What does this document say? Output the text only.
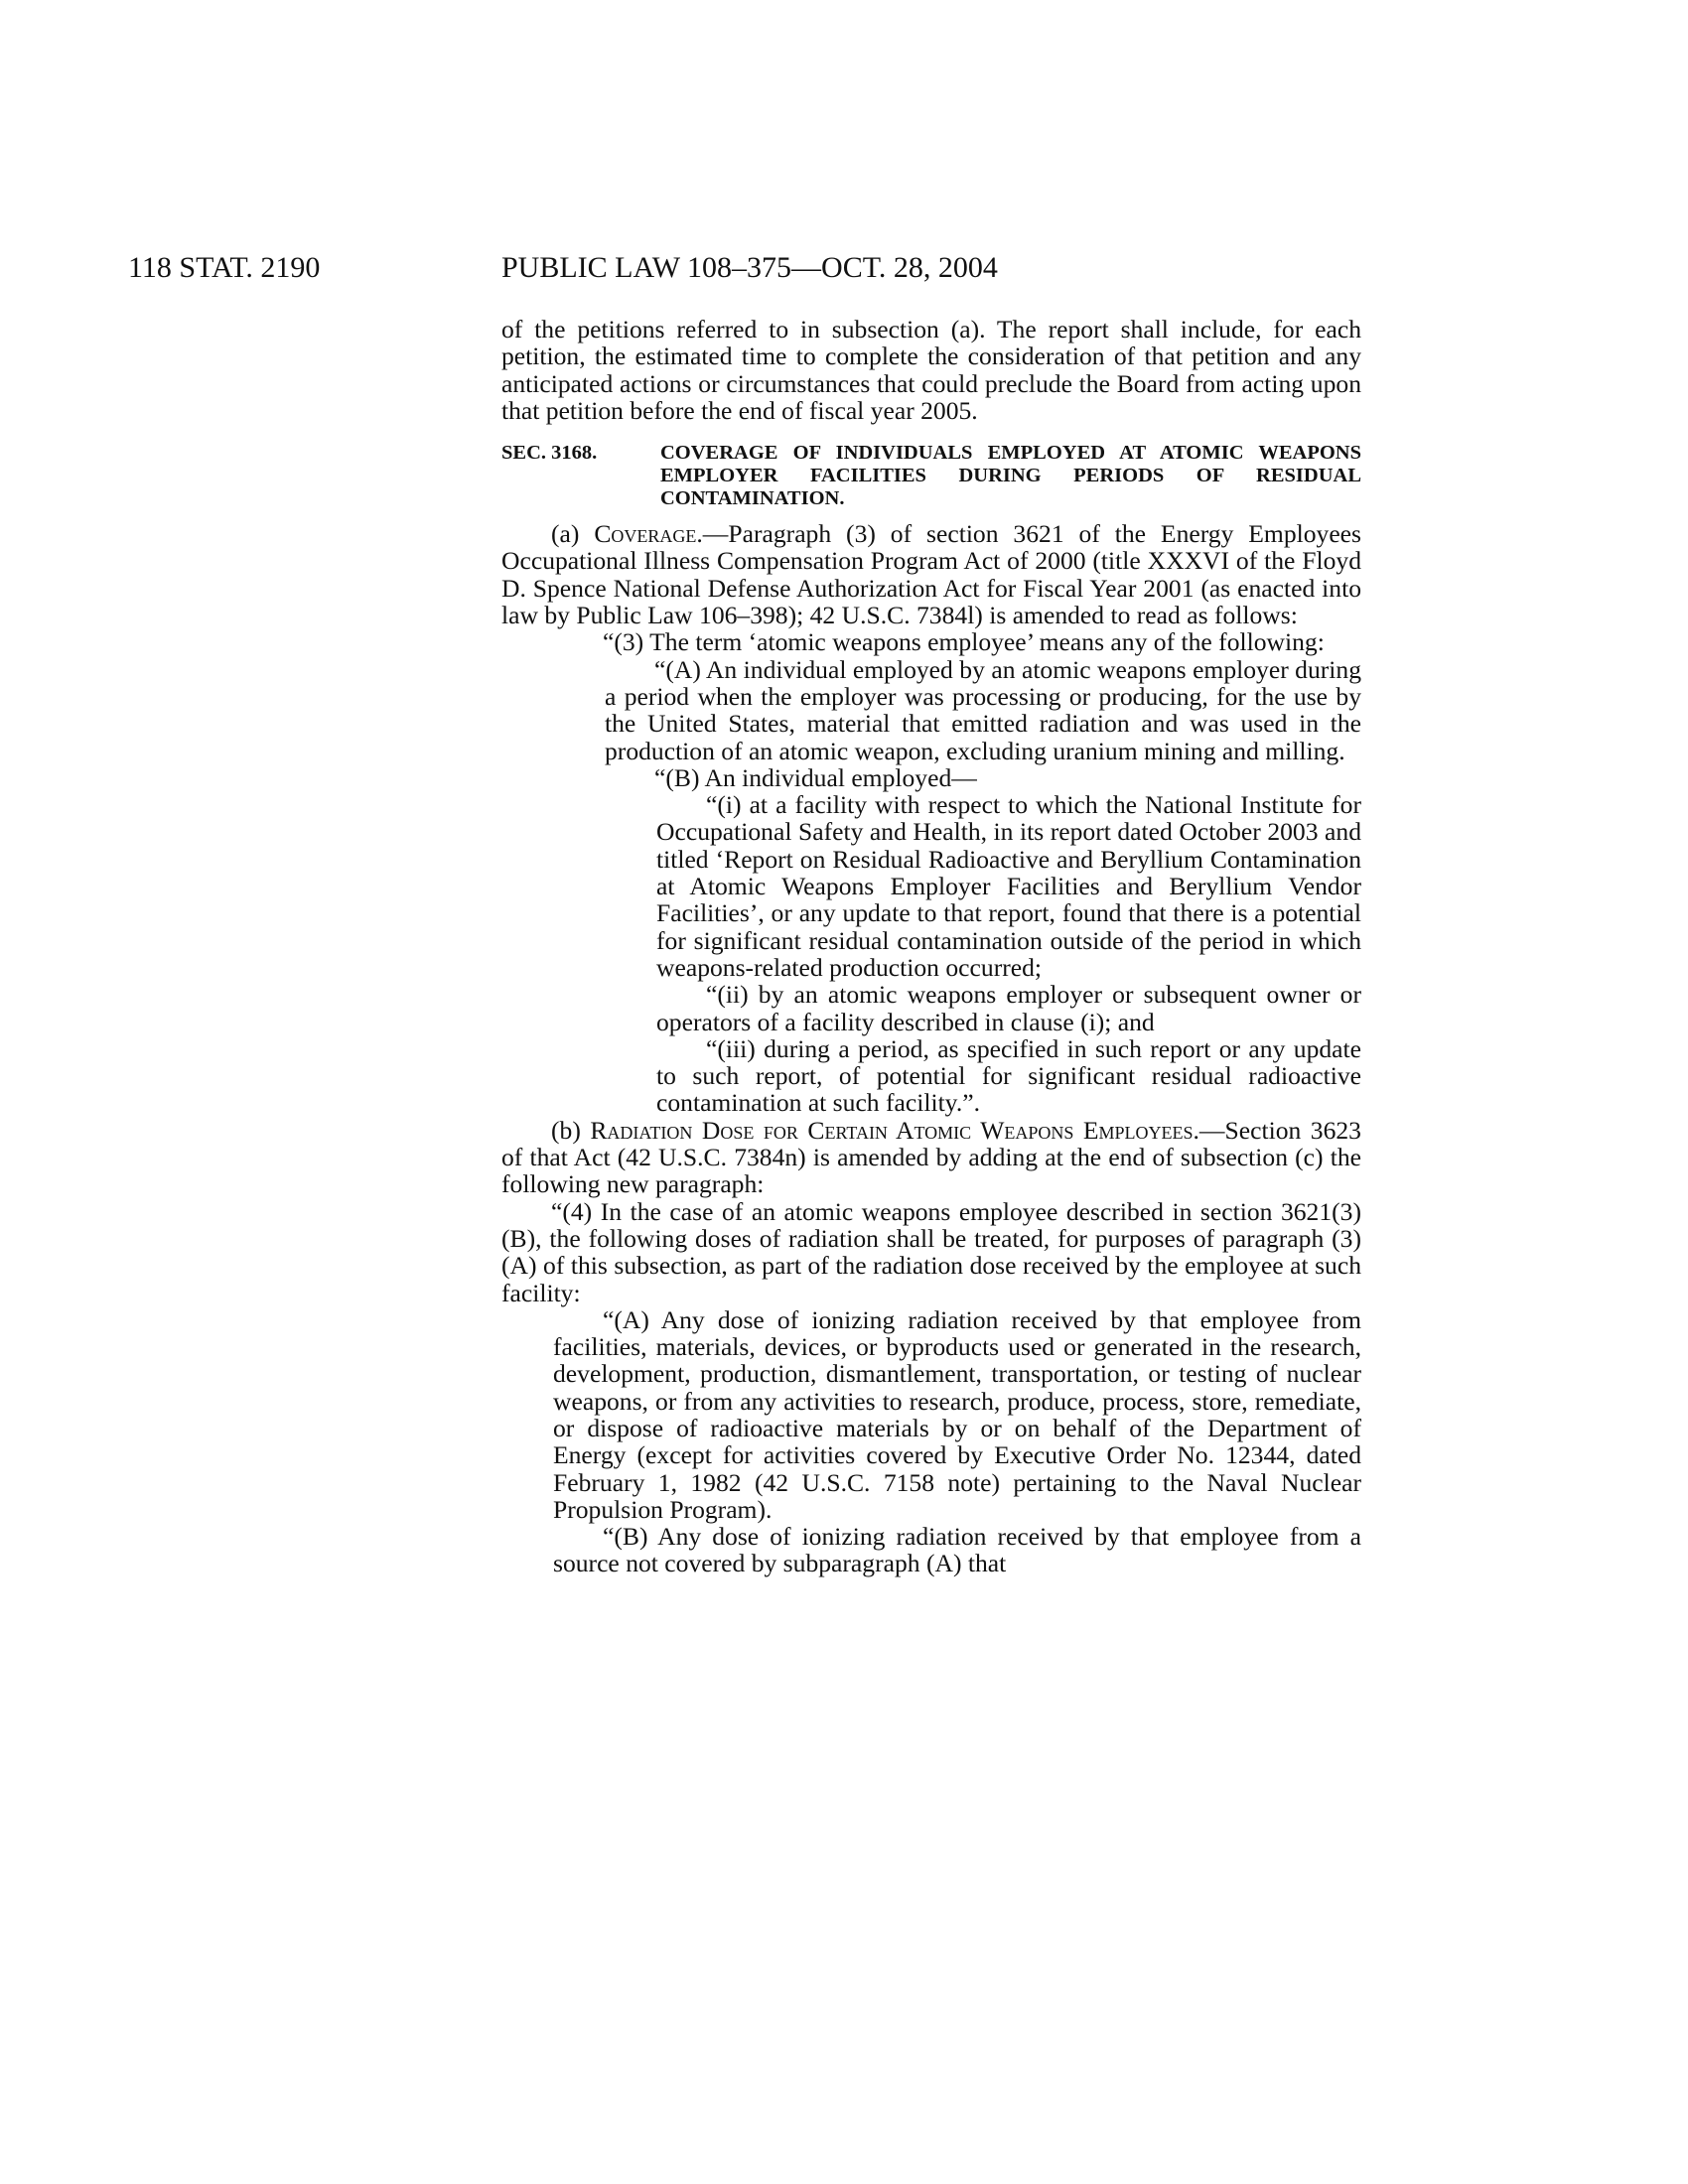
118 STAT. 2190	PUBLIC LAW 108–375—OCT. 28, 2004

of the petitions referred to in subsection (a). The report shall include, for each petition, the estimated time to complete the consideration of that petition and any anticipated actions or circumstances that could preclude the Board from acting upon that petition before the end of fiscal year 2005.

SEC. 3168.	COVERAGE OF INDIVIDUALS EMPLOYED AT ATOMIC WEAPONS EMPLOYER FACILITIES DURING PERIODS OF RESIDUAL CONTAMINATION.

(a) Coverage.—Paragraph (3) of section 3621 of the Energy Employees Occupational Illness Compensation Program Act of 2000 (title XXXVI of the Floyd D. Spence National Defense Authorization Act for Fiscal Year 2001 (as enacted into law by Public Law 106–398); 42 U.S.C. 7384l) is amended to read as follows:

“(3) The term ‘atomic weapons employee’ means any of the following:

“(A) An individual employed by an atomic weapons employer during a period when the employer was processing or producing, for the use by the United States, material that emitted radiation and was used in the production of an atomic weapon, excluding uranium mining and milling.

“(B) An individual employed—

“(i) at a facility with respect to which the National Institute for Occupational Safety and Health, in its report dated October 2003 and titled ‘Report on Residual Radioactive and Beryllium Contamination at Atomic Weapons Employer Facilities and Beryllium Vendor Facilities’, or any update to that report, found that there is a potential for significant residual contamination outside of the period in which weapons-related production occurred;

“(ii) by an atomic weapons employer or subsequent owner or operators of a facility described in clause (i); and

“(iii) during a period, as specified in such report or any update to such report, of potential for significant residual radioactive contamination at such facility.”.

(b) Radiation Dose for Certain Atomic Weapons Employees.—Section 3623 of that Act (42 U.S.C. 7384n) is amended by adding at the end of subsection (c) the following new paragraph:

“(4) In the case of an atomic weapons employee described in section 3621(3)(B), the following doses of radiation shall be treated, for purposes of paragraph (3)(A) of this subsection, as part of the radiation dose received by the employee at such facility:

“(A) Any dose of ionizing radiation received by that employee from facilities, materials, devices, or byproducts used or generated in the research, development, production, dismantlement, transportation, or testing of nuclear weapons, or from any activities to research, produce, process, store, remediate, or dispose of radioactive materials by or on behalf of the Department of Energy (except for activities covered by Executive Order No. 12344, dated February 1, 1982 (42 U.S.C. 7158 note) pertaining to the Naval Nuclear Propulsion Program).

“(B) Any dose of ionizing radiation received by that employee from a source not covered by subparagraph (A) that
